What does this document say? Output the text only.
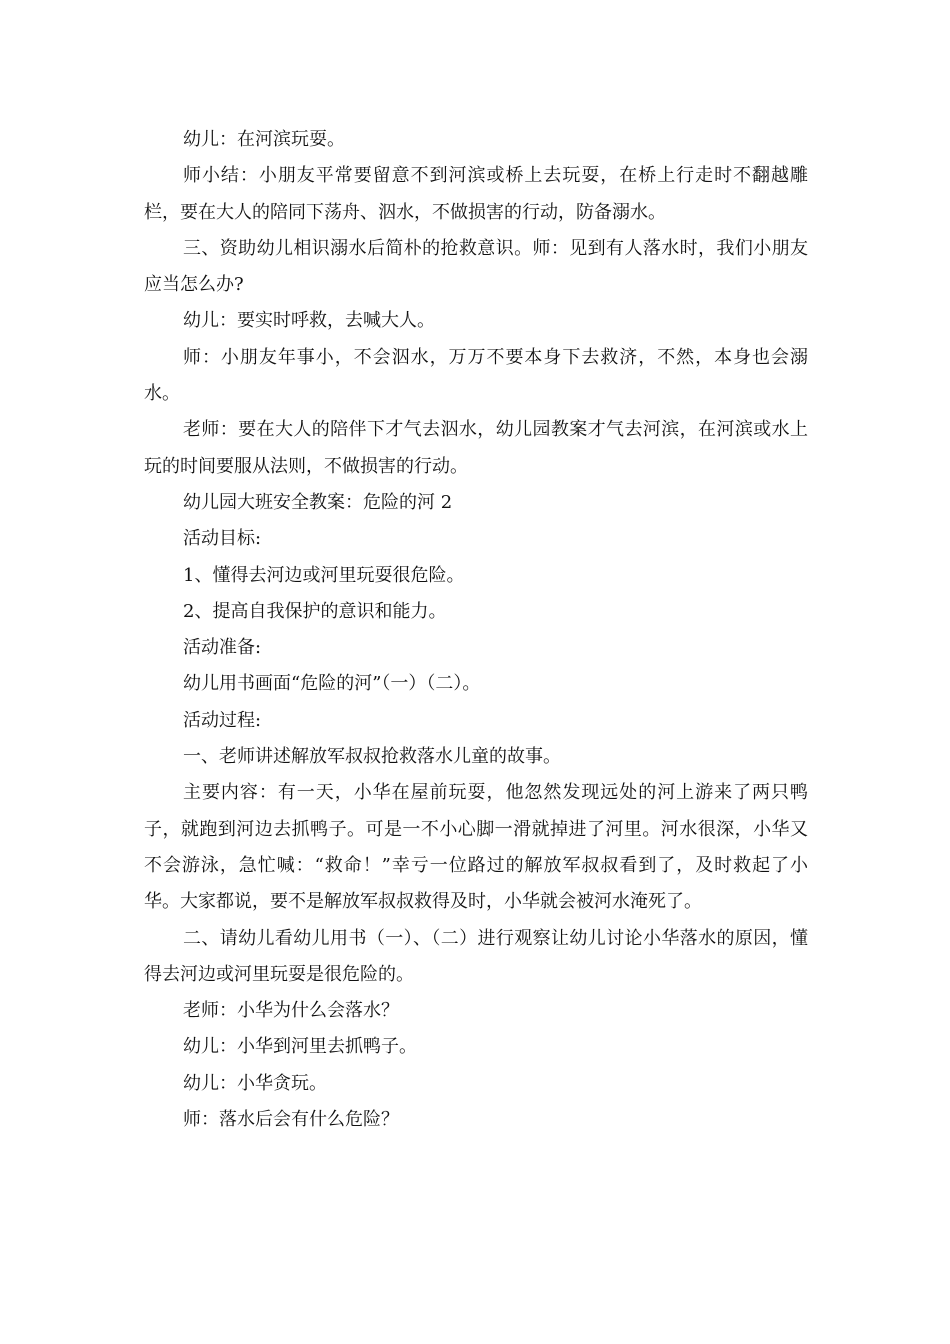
幼儿：在河滨玩耍。

师小结：小朋友平常要留意不到河滨或桥上去玩耍，在桥上行走时不翻越雕栏，要在大人的陪同下荡舟、泅水，不做损害的行动，防备溺水。

三、资助幼儿相识溺水后简朴的抢救意识。师：见到有人落水时，我们小朋友应当怎么办?

幼儿：要实时呼救，去喊大人。

师：小朋友年事小，不会泅水，万万不要本身下去救济，不然，本身也会溺水。

老师：要在大人的陪伴下才气去泅水，幼儿园教案才气去河滨，在河滨或水上玩的时间要服从法则，不做损害的行动。

幼儿园大班安全教案：危险的河 2

活动目标:

1、懂得去河边或河里玩耍很危险。

2、提高自我保护的意识和能力。

活动准备:

幼儿用书画面“危险的河”（一）（二）。

活动过程:

一、老师讲述解放军叔叔抢救落水儿童的故事。

主要内容：有一天，小华在屋前玩耍，他忽然发现远处的河上游来了两只鸭子，就跑到河边去抓鸭子。可是一不小心脚一滑就掉进了河里。河水很深，小华又不会游泳，急忙喊：“救命！”幸亏一位路过的解放军叔叔看到了，及时救起了小华。大家都说，要不是解放军叔叔救得及时，小华就会被河水淹死了。

二、请幼儿看幼儿用书（一）、（二）进行观察让幼儿讨论小华落水的原因，懂得去河边或河里玩耍是很危险的。

老师：小华为什么会落水？

幼儿：小华到河里去抓鸭子。

幼儿：小华贪玩。

师：落水后会有什么危险？
